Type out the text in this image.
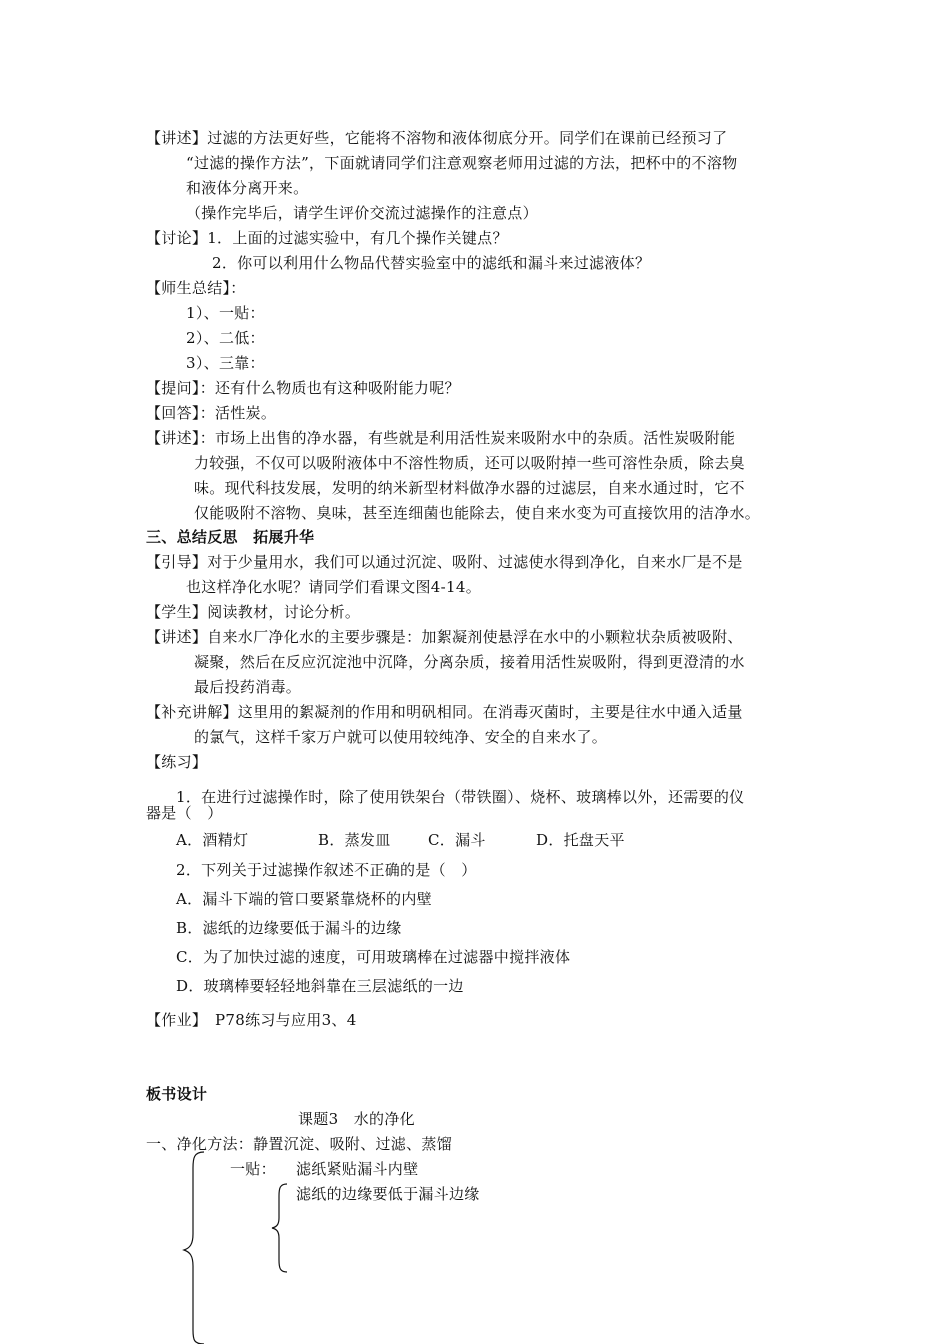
【讲述】过滤的方法更好些，它能将不溶物和液体彻底分开。同学们在课前已经预习了
“过滤的操作方法”，下面就请同学们注意观察老师用过滤的方法，把杯中的不溶物
和液体分离开来。
（操作完毕后，请学生评价交流过滤操作的注意点）
【讨论】1．上面的过滤实验中，有几个操作关键点？
2．你可以利用什么物品代替实验室中的滤纸和漏斗来过滤液体？
【师生总结】：
1）、一贴：
2）、二低：
3）、三靠：
【提问】：还有什么物质也有这种吸附能力呢？
【回答】：活性炭。
【讲述】：市场上出售的净水器，有些就是利用活性炭来吸附水中的杂质。活性炭吸附能
力较强，不仅可以吸附液体中不溶性物质，还可以吸附掉一些可溶性杂质，除去臭
味。现代科技发展，发明的纳米新型材料做净水器的过滤层，自来水通过时，它不
仅能吸附不溶物、臭味，甚至连细菌也能除去，使自来水变为可直接饮用的洁净水。
三、总结反思　拓展升华
【引导】对于少量用水，我们可以通过沉淀、吸附、过滤使水得到净化，自来水厂是不是
也这样净化水呢？请同学们看课文图4-14。
【学生】阅读教材，讨论分析。
【讲述】自来水厂净化水的主要步骤是：加絮凝剂使悬浮在水中的小颗粒状杂质被吸附、
凝聚，然后在反应沉淀池中沉降，分离杂质，接着用活性炭吸附，得到更澄清的水
最后投药消毒。
【补充讲解】这里用的絮凝剂的作用和明矾相同。在消毒灭菌时，主要是往水中通入适量
的氯气，这样千家万户就可以使用较纯净、安全的自来水了。
【练习】
1．在进行过滤操作时，除了使用铁架台（带铁圈）、烧杯、玻璃棒以外，还需要的仪
器是（　）
A．酒精灯	B．蒸发皿 C．漏斗	D．托盘天平
2．下列关于过滤操作叙述不正确的是（　）
A．漏斗下端的管口要紧靠烧杯的内壁
B．滤纸的边缘要低于漏斗的边缘
C．为了加快过滤的速度，可用玻璃棒在过滤器中搅拌液体
D．玻璃棒要轻轻地斜靠在三层滤纸的一边
【作业】　P78练习与应用3、4
板书设计
课题3　水的净化
一、净化方法：静置沉淀、吸附、过滤、蒸馏
一贴： 滤纸紧贴漏斗内壁
滤纸的边缘要低于漏斗边缘
